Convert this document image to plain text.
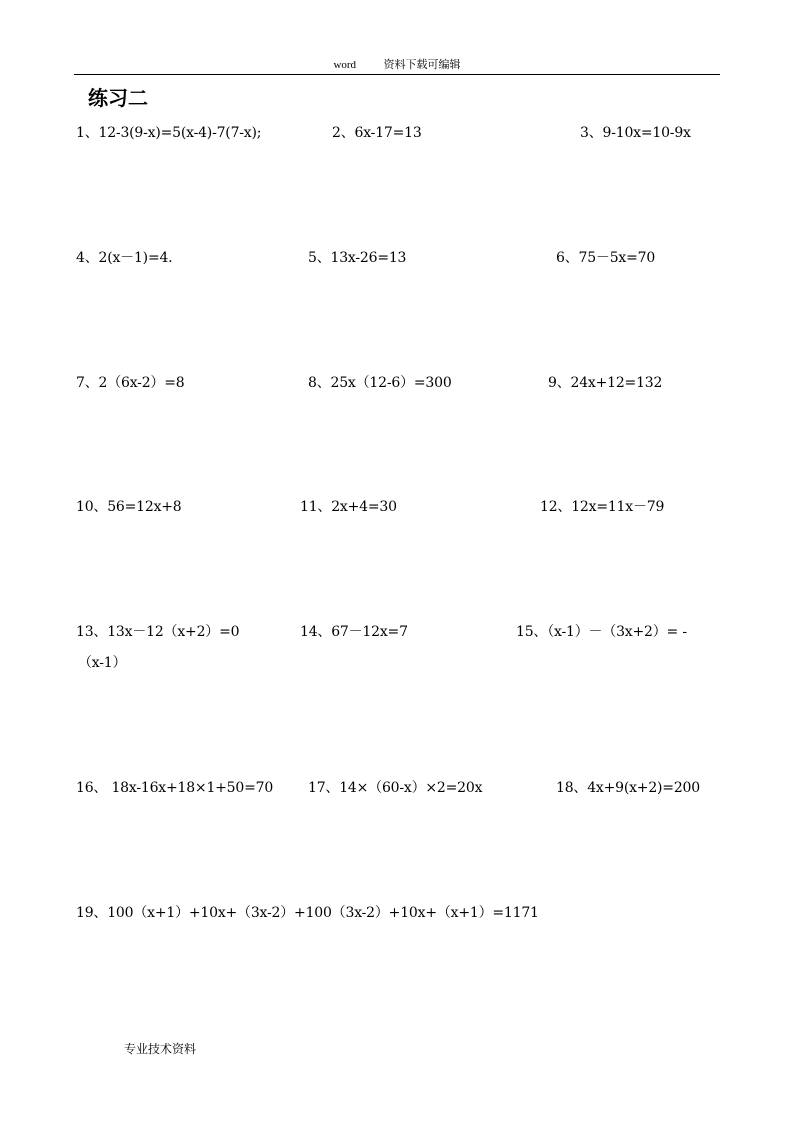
word	资料下载可编辑
练习二
1、12-3(9-x)=5(x-4)-7(7-x);	2、6x-17=13	3、9-10x=10-9x
4、2(x－1)=4.	5、13x-26=13	6、75－5x=70
7、2（6x-2）=8	8、25x（12-6）=300	9、24x+12=132
10、56=12x+8	11、2x+4=30	12、12x=11x－79
13、13x－12（x+2）=0	14、67－12x=7	15、（x-1）－（3x+2）= -
（x-1）
16、 18x-16x+18×1+50=70 17、14×（60-x）×2=20x	18、4x+9(x+2)=200
19、100（x+1）+10x+（3x-2）+100（3x-2）+10x+（x+1）=1171
专业技术资料
